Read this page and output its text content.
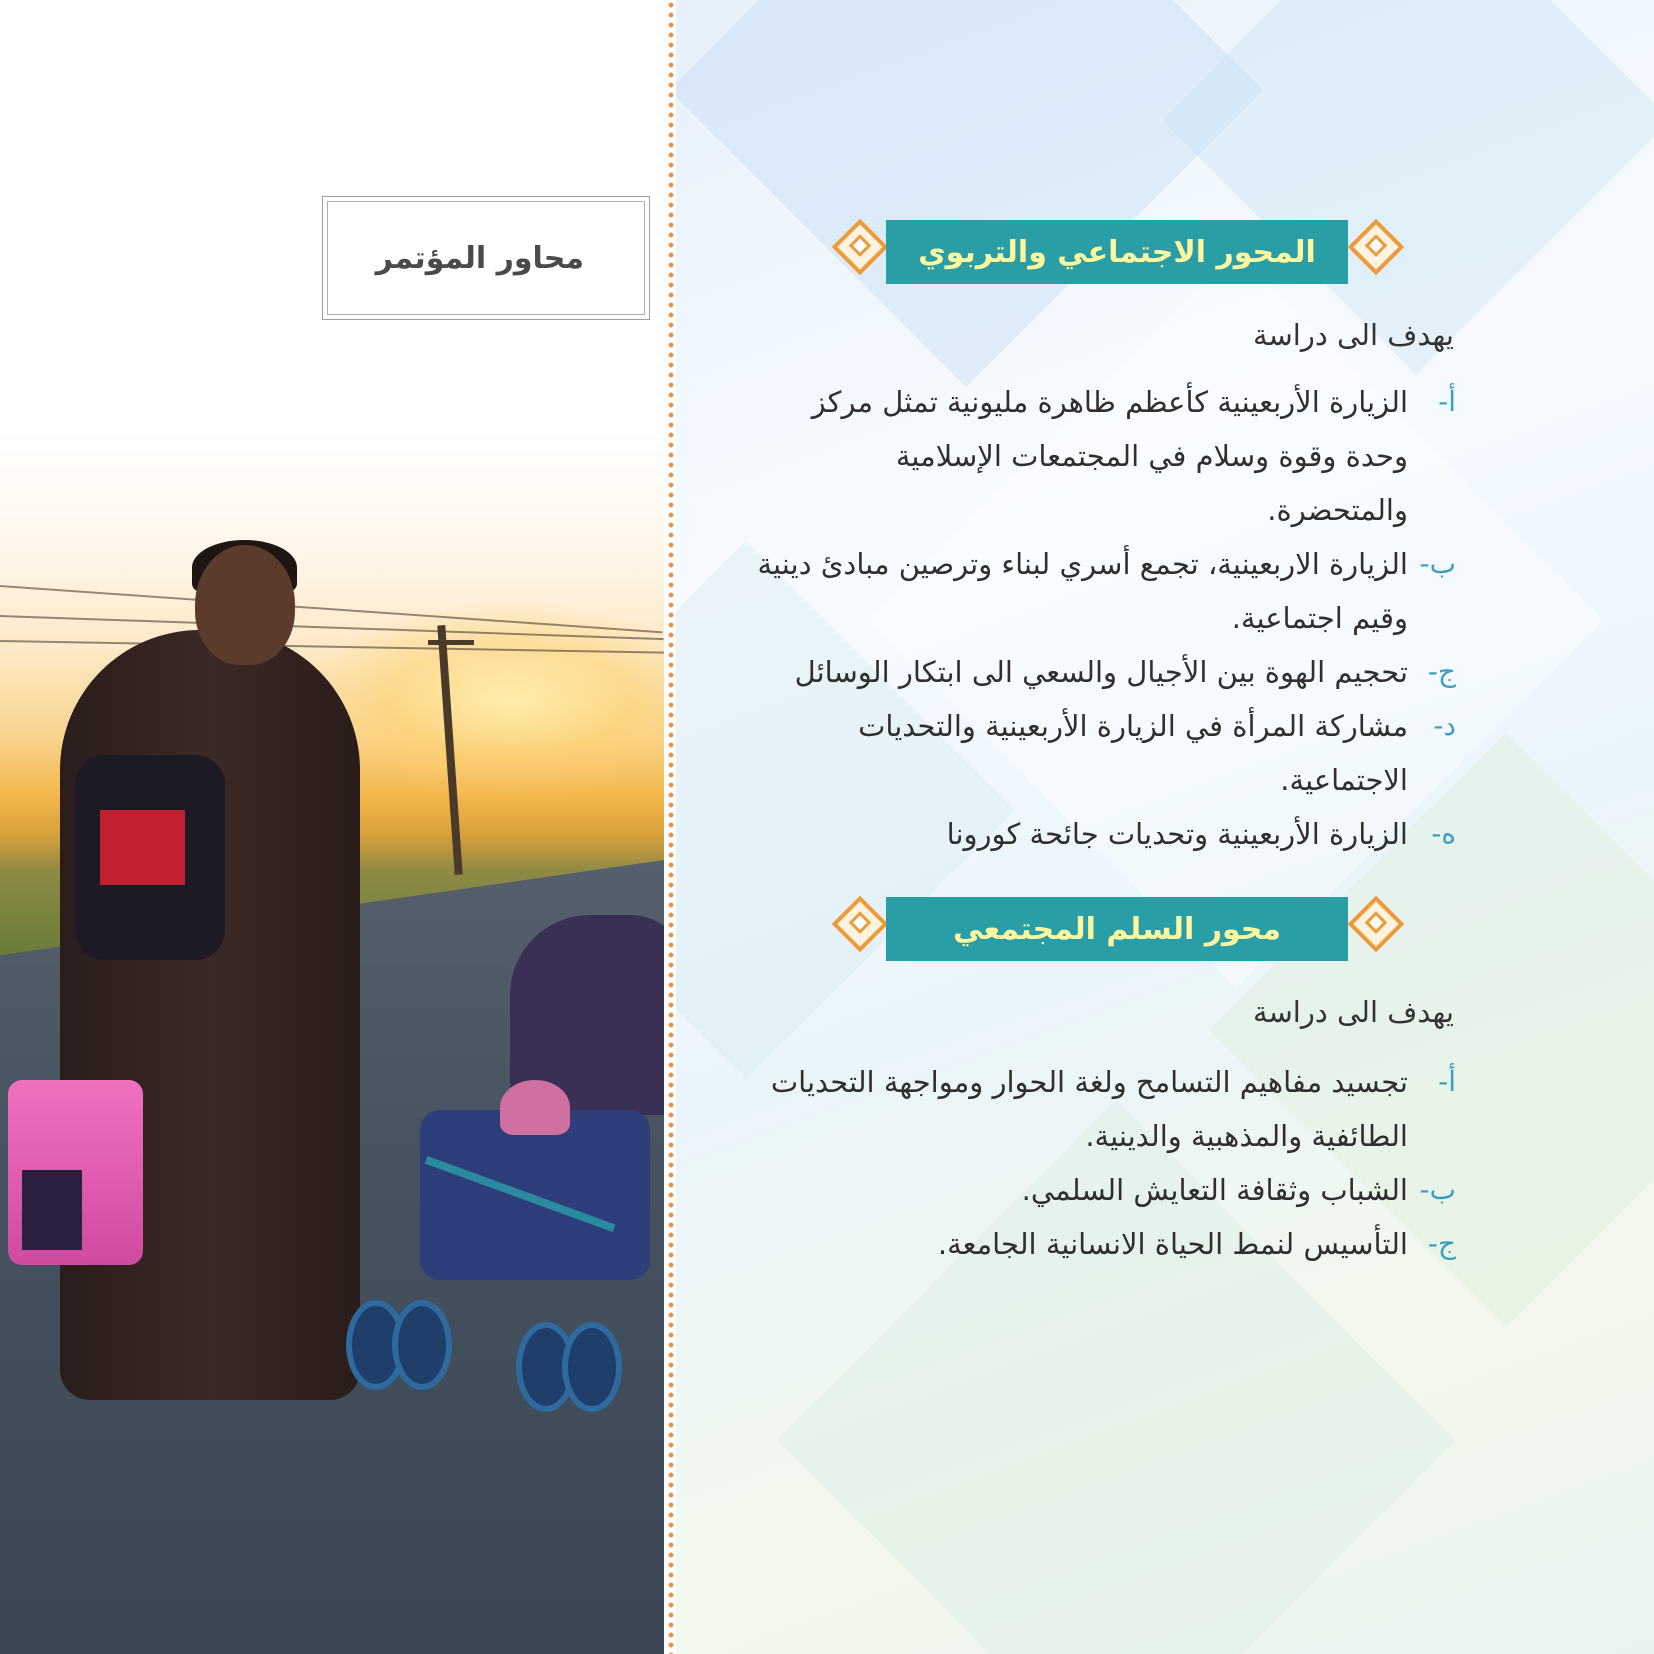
محاور المؤتمر	المحور الاجتماعي والتربوي
يهدف الى دراسة
أ-
الزيارة الأربعينية كأعظم ظاهرة مليونية تمثل مركز وحدة وقوة وسلام في المجتمعات الإسلامية والمتحضرة.
ب-
الزيارة الاربعينية، تجمع أسري لبناء وترصين مبادئ دينية وقيم اجتماعية.
ج-
تحجيم الهوة بين الأجيال والسعي الى ابتكار الوسائل
د-
مشاركة المرأة في الزيارة الأربعينية والتحديات الاجتماعية.
ه-
الزيارة الأربعينية وتحديات جائحة كورونا
محور السلم المجتمعي
يهدف الى دراسة
أ-
تجسيد مفاهيم التسامح ولغة الحوار ومواجهة التحديات الطائفية والمذهبية والدينية.
ب-
الشباب وثقافة التعايش السلمي.
ج-
التأسيس لنمط الحياة الانسانية الجامعة.
